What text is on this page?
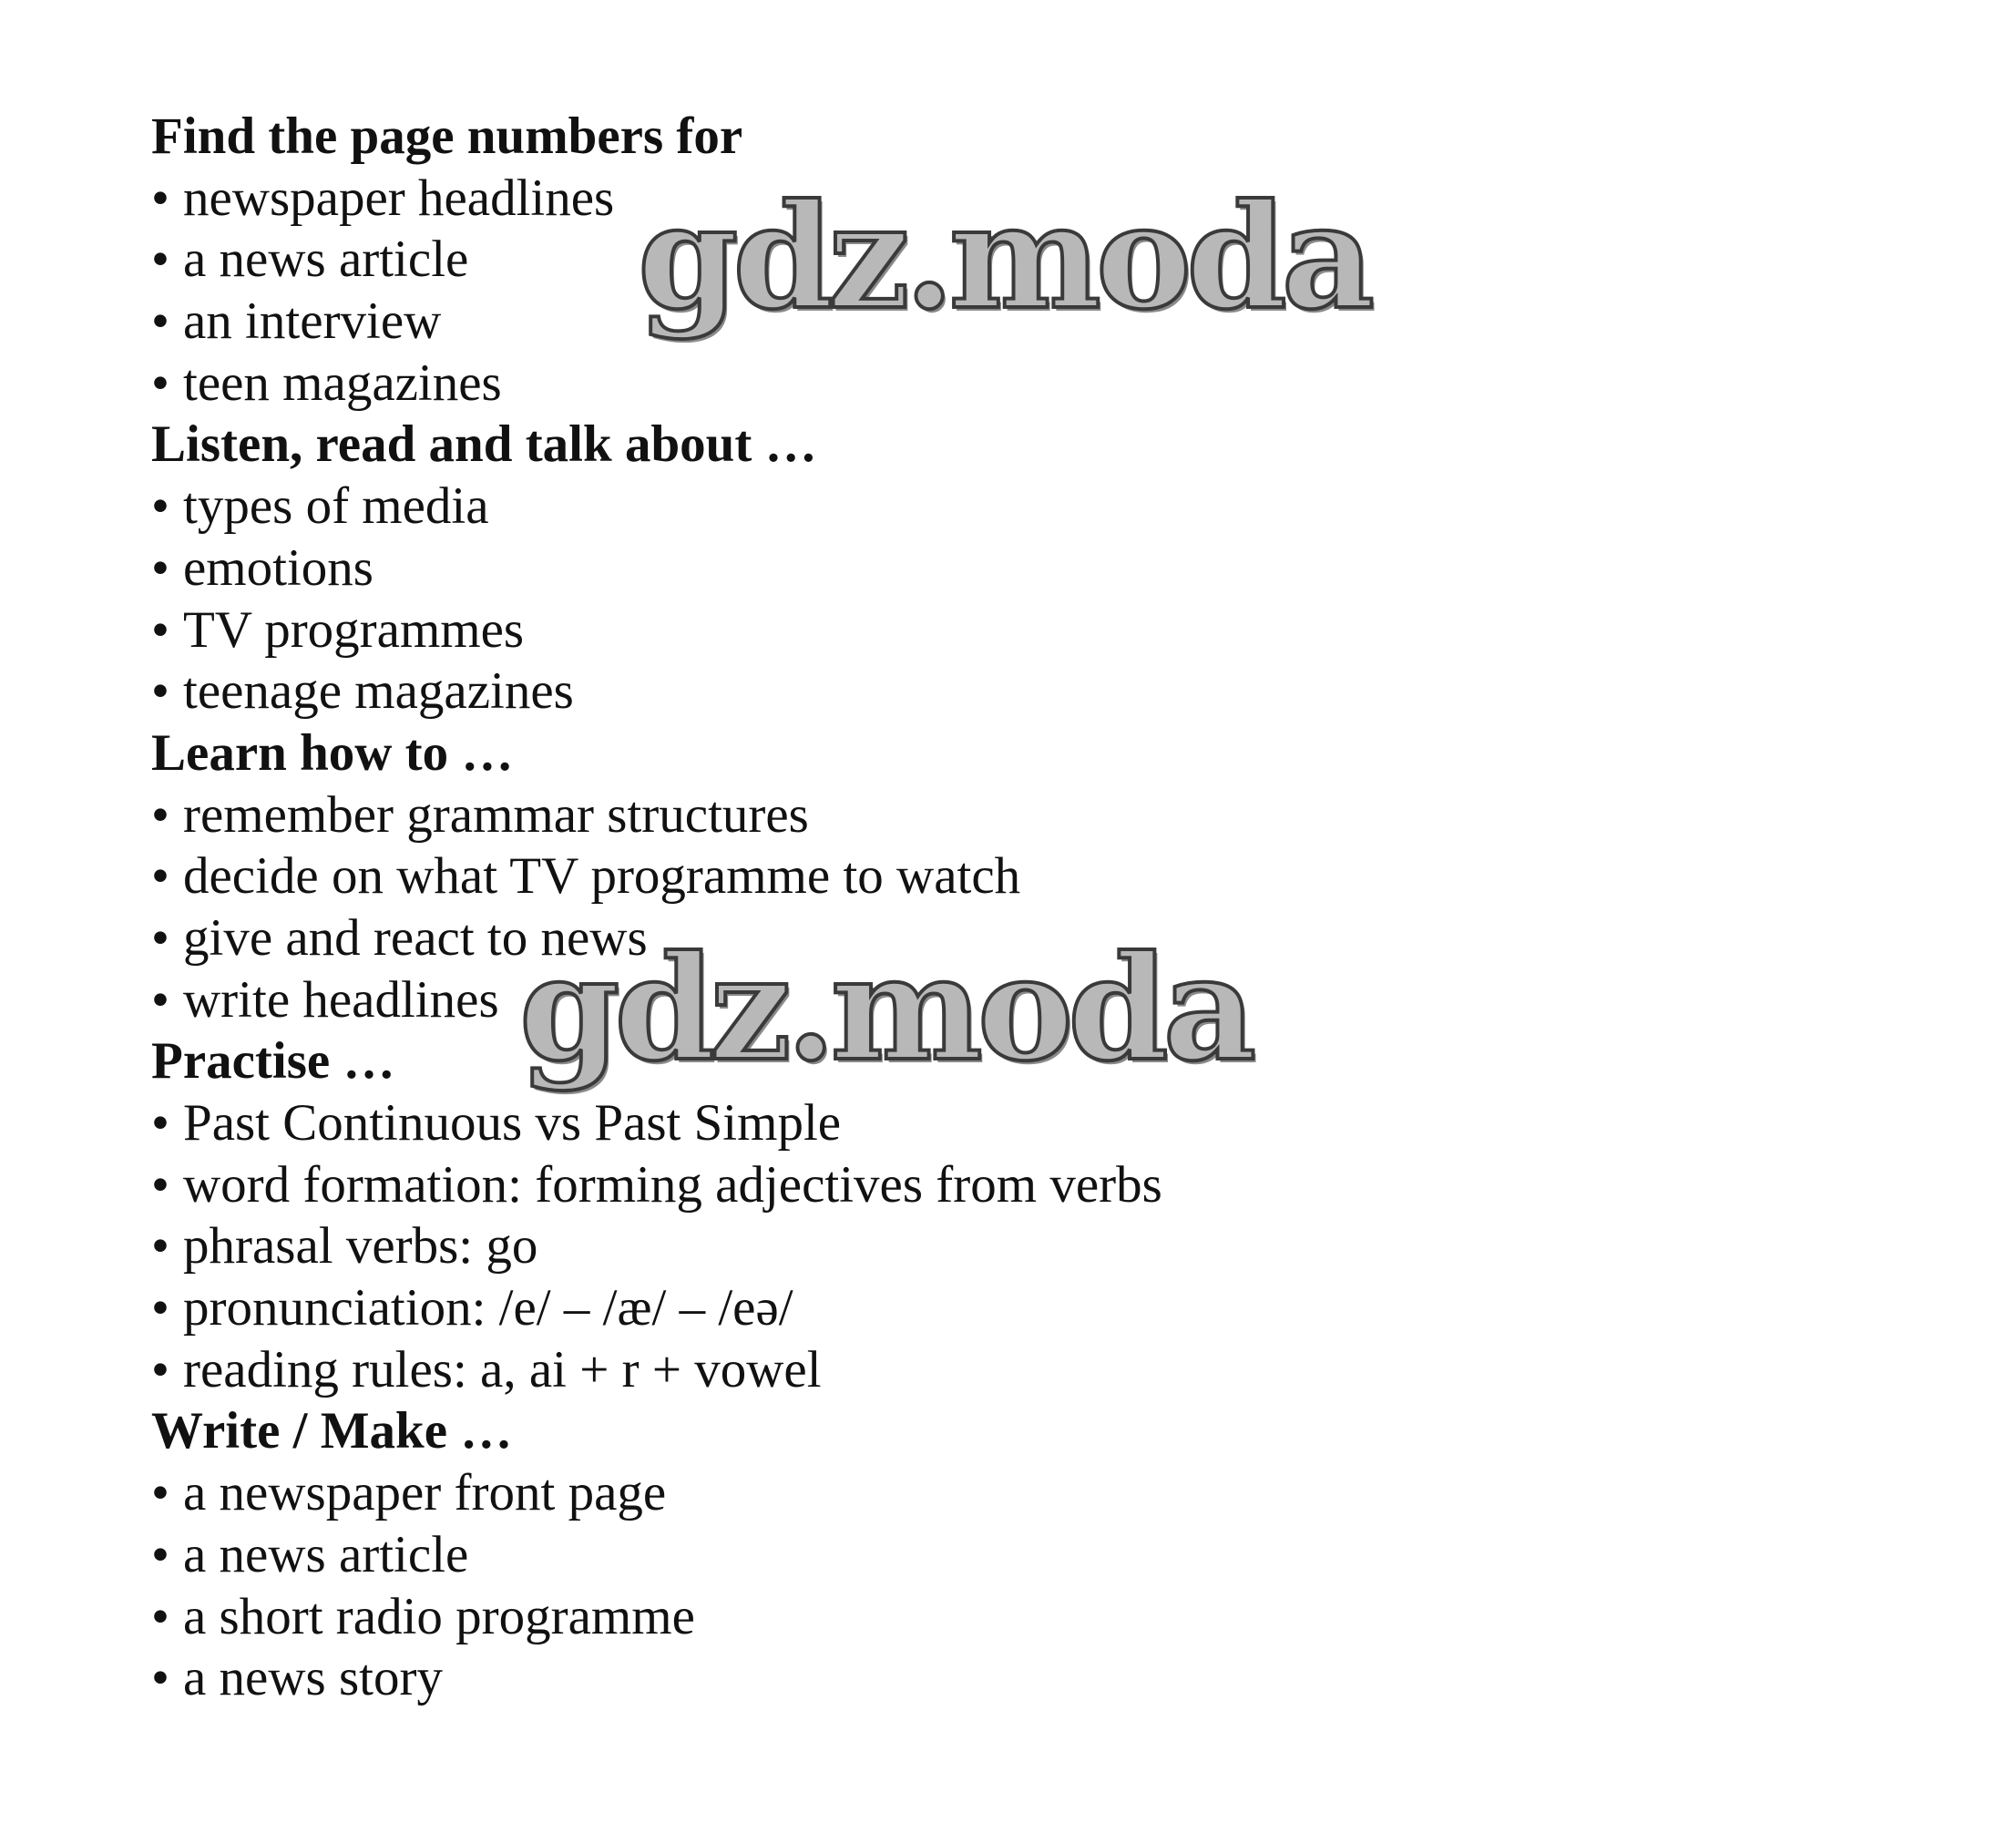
Find the page numbers for
• newspaper headlines
• a news article
• an interview
• teen magazines
Listen, read and talk about …
• types of media
• emotions
• TV programmes
• teenage magazines
Learn how to …
• remember grammar structures
• decide on what TV programme to watch
• give and react to news
• write headlines
Practise …
• Past Continuous vs Past Simple
• word formation: forming adjectives from verbs
• phrasal verbs: go
• pronunciation: /e/ – /æ/ – /eə/
• reading rules: a, ai + r + vowel
Write / Make …
• a newspaper front page
• a news article
• a short radio programme
• a news story
gdz.moda
gdz.moda
